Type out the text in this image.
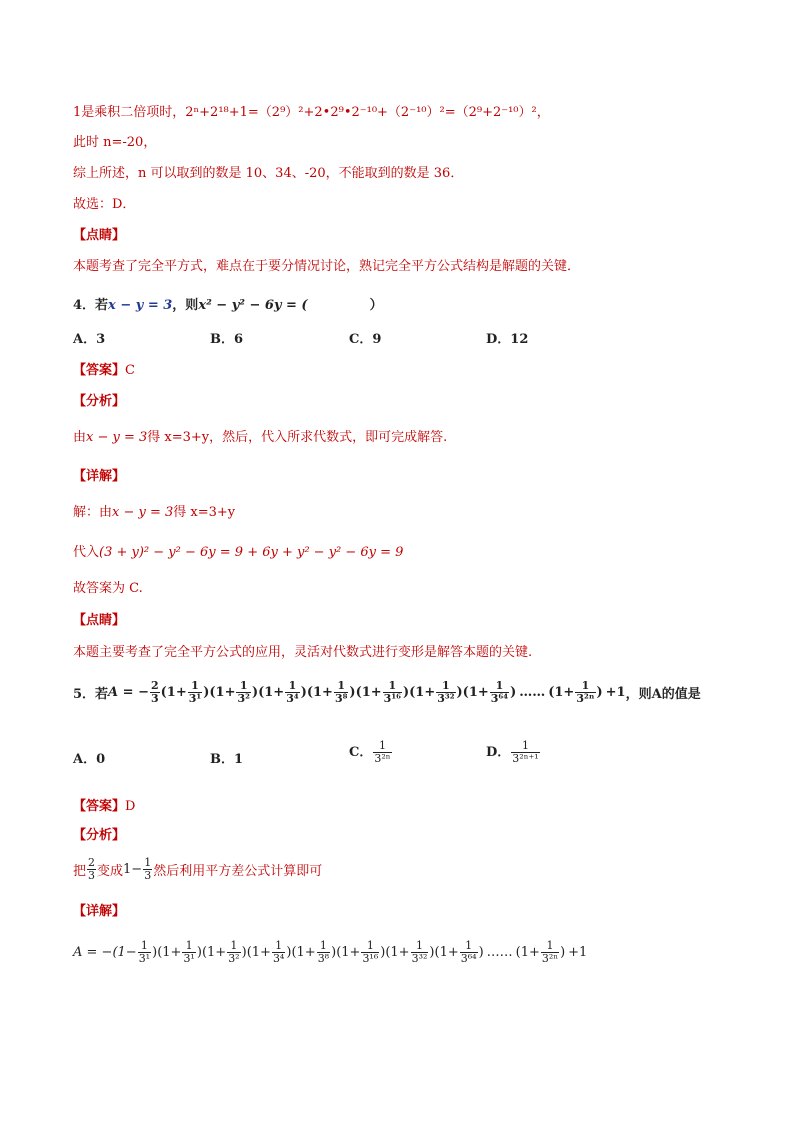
1是乘积二倍项时，2ⁿ+2¹⁸+1=（2⁹）²+2•2⁹•2⁻¹⁰+（2⁻¹⁰）²=（2⁹+2⁻¹⁰）²，
此时 n=-20，
综上所述，n 可以取到的数是 10、34、-20，不能取到的数是 36．
故选：D．
【点睛】
本题考查了完全平方式，难点在于要分情况讨论，熟记完全平方公式结构是解题的关键．
4．若x − y = 3，则x² − y² − 6y = (	）
A．3	B．6	C．9	D．12
【答案】C
【分析】
由x − y = 3得 x=3+y，然后，代入所求代数式，即可完成解答.
【详解】
解：由x − y = 3得 x=3+y
代入(3 + y)² − y² − 6y = 9 + 6y + y² − y² − 6y = 9
故答案为 C.
【点睛】
本题主要考查了完全平方公式的应用，灵活对代数式进行变形是解答本题的关键.
5．若 A = − $\frac{2}{3} (1+ \frac{1}{\text{3¹}} )(1+ \frac{1}{\text{3²}} )(1+ \frac{1}{\text{3⁴}} )(1+ \frac{1}{\text{3⁸}} )(1+ \frac{1}{\text{3¹⁶}} )(1+ \frac{1}{\text{3³²}} )(1+ \frac{1}{\text{3⁶⁴}}$ ) …… ($1+ \frac{1}{\text{3²ⁿ}}$ ) +1 ，则A的值是
A．0	B．1	C． $\frac{1}{\text{3²ⁿ}}$	D． $\frac{1}{\text{3²ⁿ⁺¹}}$
【答案】D
【分析】
把 $\frac{2}{3}$ 变成 $1- \frac{1}{3}$ 然后利用平方差公式计算即可
【详解】
$A = -(1- \frac{1}{\text{3¹}}$ ) $(1+ \frac{1}{\text{3¹}} )(1+ \frac{1}{\text{3²}} )(1+ \frac{1}{\text{3⁴}} )(1+ \frac{1}{\text{3⁸}} )(1+ \frac{1}{\text{3¹⁶}} )(1+ \frac{1}{\text{3³²}} )(1+ \frac{1}{\text{3⁶⁴}}$ ) …… ($1+ \frac{1}{\text{3²ⁿ}}$ ) +1
